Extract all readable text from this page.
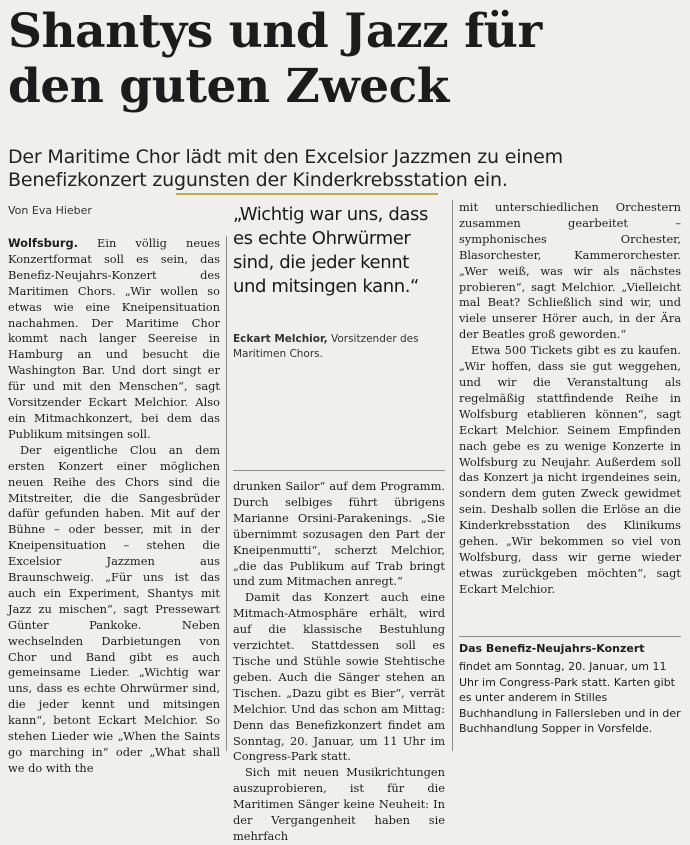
Shantys und Jazz für den guten Zweck
Der Maritime Chor lädt mit den Excelsior Jazzmen zu einem Benefizkonzert zugunsten der Kinderkrebsstation ein.

Von Eva Hieber

Wolfsburg. Ein völlig neues Konzertformat soll es sein, das Benefiz-Neujahrs-Konzert des Maritimen Chors. „Wir wollen so etwas wie eine Kneipensituation nachahmen. Der Maritime Chor kommt nach langer Seereise in Hamburg an und besucht die Washington Bar. Und dort singt er für und mit den Menschen“, sagt Vorsitzender Eckart Melchior. Also ein Mitmachkonzert, bei dem das Publikum mitsingen soll.

Der eigentliche Clou an dem ersten Konzert einer möglichen neuen Reihe des Chors sind die Mitstreiter, die die Sangesbrüder dafür gefunden haben. Mit auf der Bühne – oder besser, mit in der Kneipensituation – stehen die Excelsior Jazzmen aus Braunschweig. „Für uns ist das auch ein Experiment, Shantys mit Jazz zu mischen“, sagt Pressewart Günter Pankoke. Neben wechselnden Darbietungen von Chor und Band gibt es auch gemeinsame Lieder. „Wichtig war uns, dass es echte Ohrwürmer sind, die jeder kennt und mitsingen kann“, betont Eckart Melchior. So stehen Lieder wie „When the Saints go marching in“ oder „What shall we do with the

„Wichtig war uns, dass es echte Ohrwürmer sind, die jeder kennt und mitsingen kann.“

Eckart Melchior, Vorsitzender des Maritimen Chors.

drunken Sailor“ auf dem Programm. Durch selbiges führt übrigens Marianne Orsini-Parakenings. „Sie übernimmt sozusagen den Part der Kneipenmutti“, scherzt Melchior, „die das Publikum auf Trab bringt und zum Mitmachen anregt.“

Damit das Konzert auch eine Mitmach-Atmosphäre erhält, wird auf die klassische Bestuhlung verzichtet. Stattdessen soll es Tische und Stühle sowie Stehtische geben. Auch die Sänger stehen an Tischen. „Dazu gibt es Bier“, verrät Melchior. Und das schon am Mittag: Denn das Benefizkonzert findet am Sonntag, 20. Januar, um 11 Uhr im Congress-Park statt.

Sich mit neuen Musikrichtungen auszuprobieren, ist für die Maritimen Sänger keine Neuheit: In der Vergangenheit haben sie mehrfach

mit unterschiedlichen Orchestern zusammen gearbeitet – symphonisches Orchester, Blasorchester, Kammerorchester. „Wer weiß, was wir als nächstes probieren“, sagt Melchior. „Vielleicht mal Beat? Schließlich sind wir, und viele unserer Hörer auch, in der Ära der Beatles groß geworden.“

Etwa 500 Tickets gibt es zu kaufen. „Wir hoffen, dass sie gut weggehen, und wir die Veranstaltung als regelmäßig stattfindende Reihe in Wolfsburg etablieren können“, sagt Eckart Melchior. Seinem Empfinden nach gebe es zu wenige Konzerte in Wolfsburg zu Neujahr. Außerdem soll das Konzert ja nicht irgendeines sein, sondern dem guten Zweck gewidmet sein. Deshalb sollen die Erlöse an die Kinderkrebsstation des Klinikums gehen. „Wir bekommen so viel von Wolfsburg, dass wir gerne wieder etwas zurückgeben möchten“, sagt Eckart Melchior.

Das Benefiz-Neujahrs-Konzert

findet am Sonntag, 20. Januar, um 11 Uhr im Congress-Park statt. Karten gibt es unter anderem in Stilles Buchhandlung in Fallersleben und in der Buchhandlung Sopper in Vorsfelde.
